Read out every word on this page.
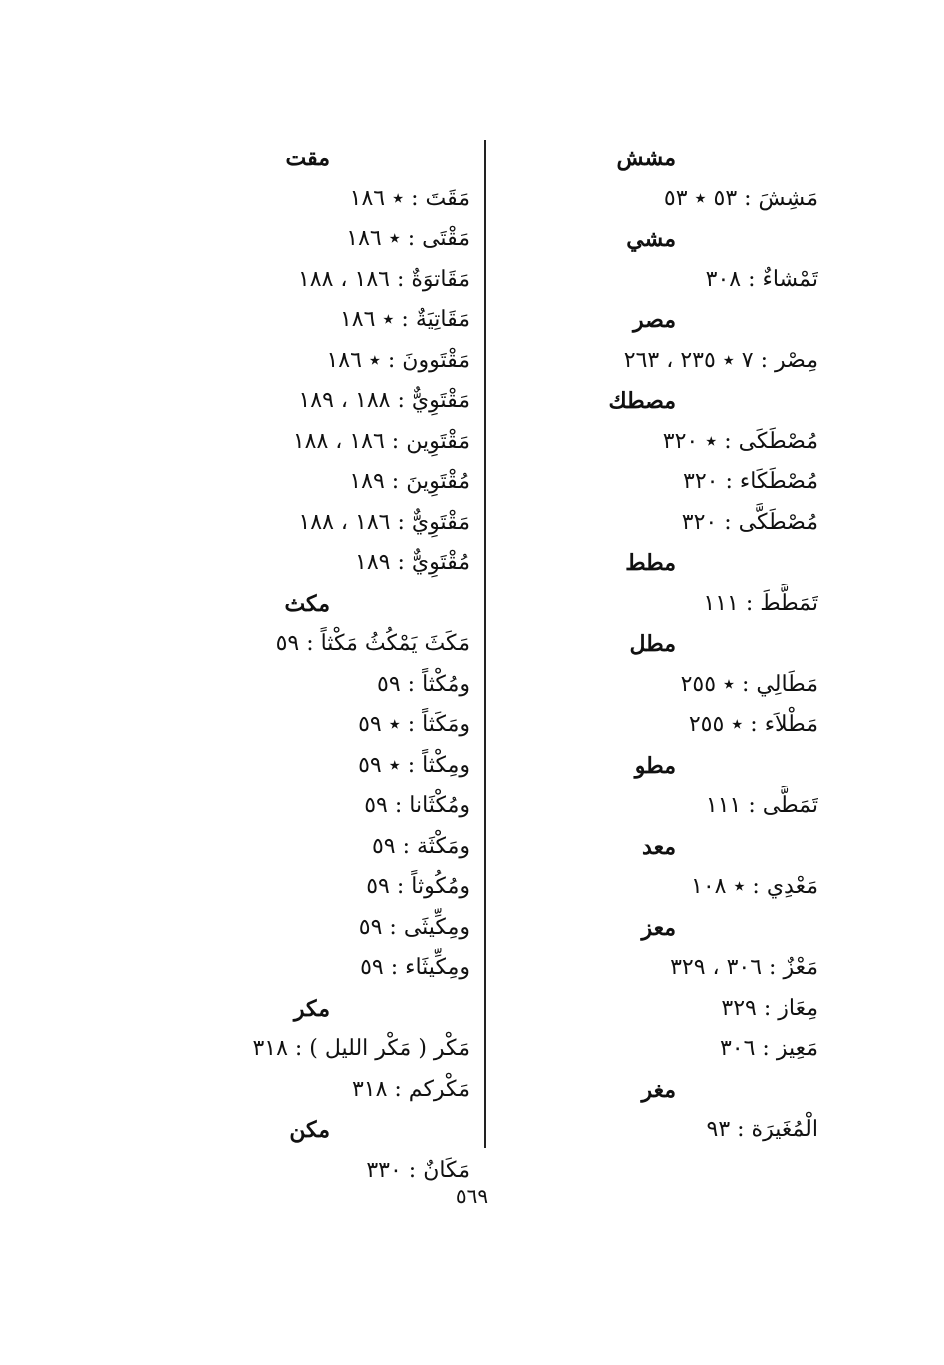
مشش
مَشِشَ : ٥٣ ٭ ٥٣
مشي
تَمْشاءٌ : ٣٠٨
مصر
مِصْر : ٧ ٭ ٢٣٥ ، ٢٦٣
مصطك
مُصْطَكَى : ٭ ٣٢٠
مُصْطَكَاء : ٣٢٠
مُصْطَكَّى : ٣٢٠
مطط
تَمَطَّطَ : ١١١
مطل
مَطَالِي : ٭ ٢٥٥
مَطْلاَء : ٭ ٢٥٥
مطو
تَمَطَّى : ١١١
معد
مَعْدِي : ٭ ١٠٨
معز
مَعْزٌ : ٣٠٦ ، ٣٢٩
مِعَاز : ٣٢٩
مَعِيز : ٣٠٦
مغر
الْمُغَيرَة : ٩٣
مقت
مَقَتَ : ٭ ١٨٦
مَقْتَى : ٭ ١٨٦
مَقَاتوَةٌ : ١٨٦ ، ١٨٨
مَقَاتِيَةٌ : ٭ ١٨٦
مَقْتَوونَ : ٭ ١٨٦
مَقْتَوِيٌّ : ١٨٨ ، ١٨٩
مَقْتَوِين : ١٨٦ ، ١٨٨
مُقْتَوِينَ : ١٨٩
مَقْتَوِيٌّ : ١٨٦ ، ١٨٨
مُقْتَوِيٌّ : ١٨٩
مكث
مَكَثَ يَمْكُثُ مَكْثاً : ٥٩
ومُكْثاً : ٥٩
ومَكَثاً : ٭ ٥٩
ومِكْثاً : ٭ ٥٩
ومُكْثَانا : ٥٩
ومَكْثَة : ٥٩
ومُكُوثاً : ٥٩
ومِكِّيثَى : ٥٩
ومِكِّيثَاء : ٥٩
مكر
مَكْر ( مَكْر الليل ) : ٣١٨
مَكْركم : ٣١٨
مكن
مَكَانٌ : ٣٣٠
٥٦٩
